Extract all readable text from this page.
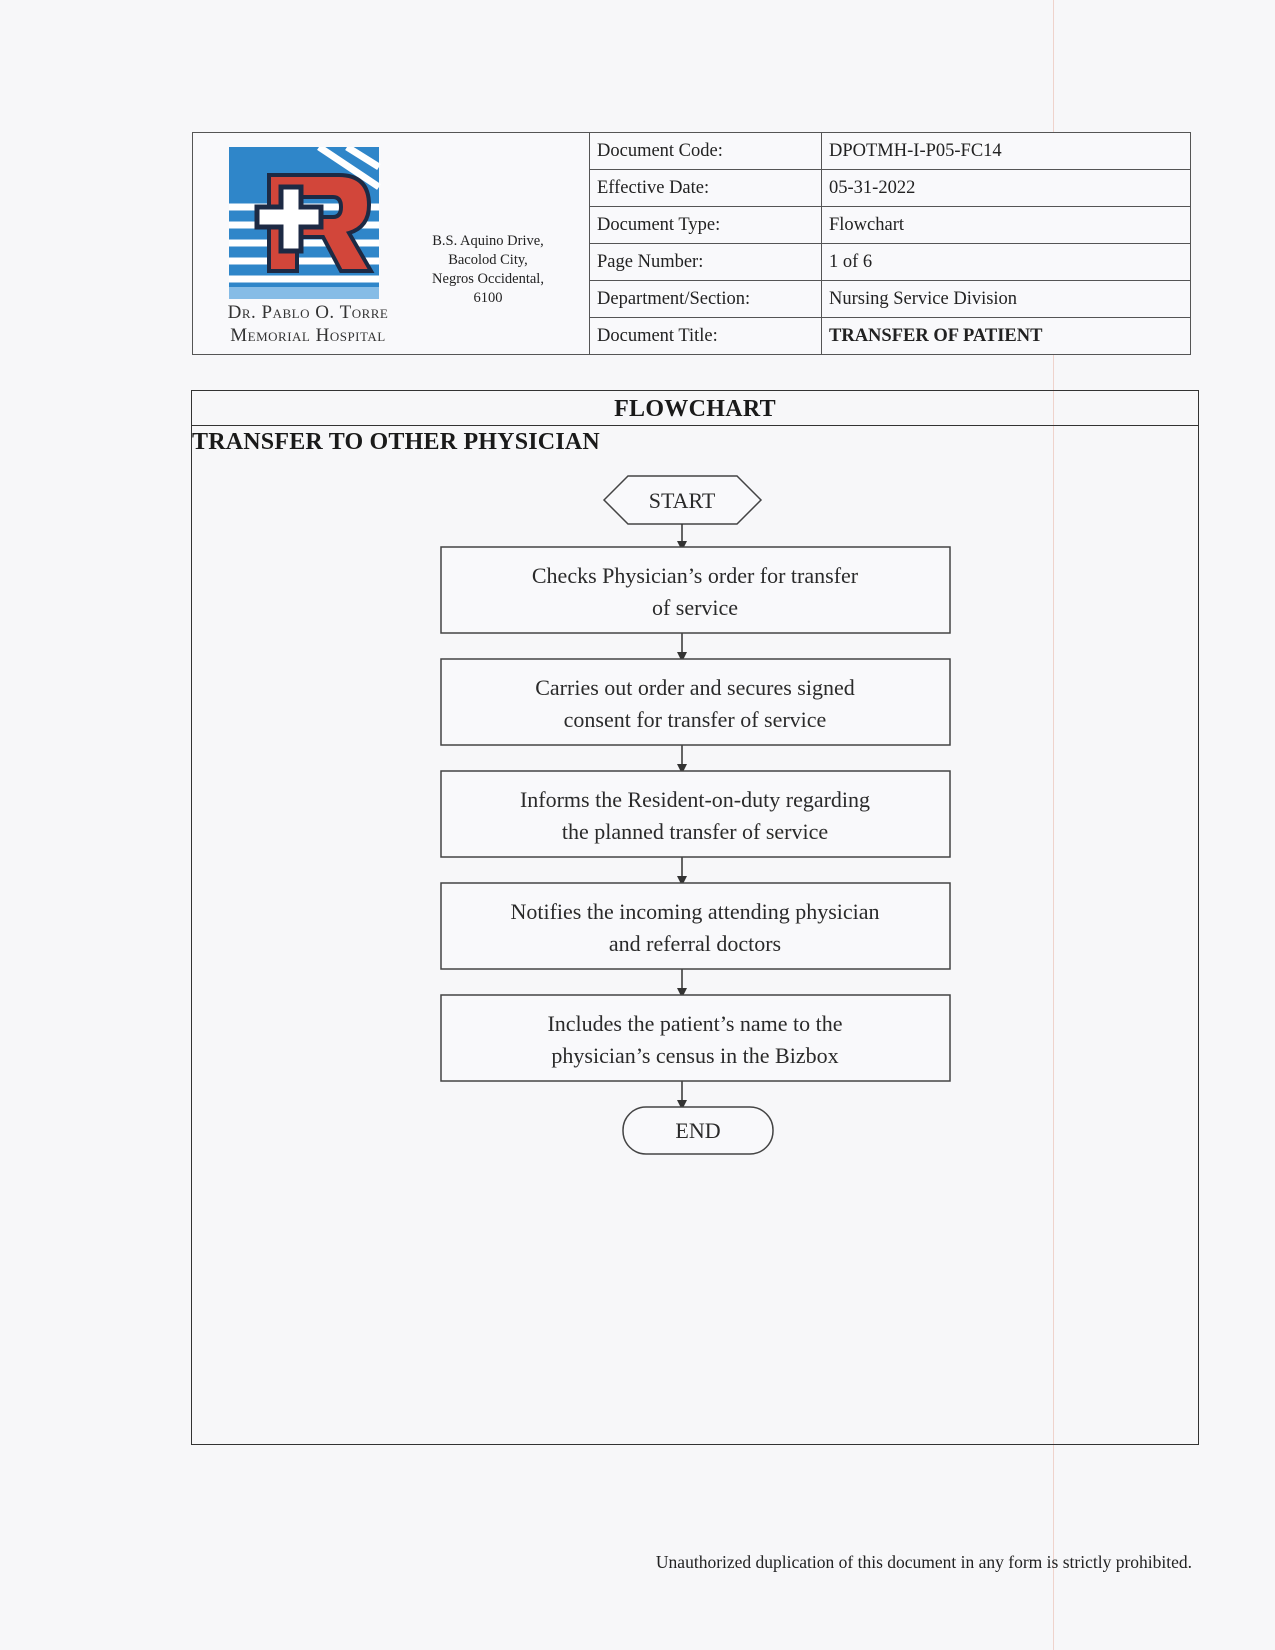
Dr. Pablo O. Torre
Memorial Hospital
B.S. Aquino Drive,
Bacolod City,
Negros Occidental,
6100
Document Code:	DPOTMH-I-P05-FC14
Effective Date:	05-31-2022
Document Type:	Flowchart
Page Number:	1 of 6
Department/Section:	Nursing Service Division
Document Title:	TRANSFER OF PATIENT
FLOWCHART
TRANSFER TO OTHER PHYSICIAN
START
Checks Physician’s order for transfer
of service
Carries out order and secures signed
consent for transfer of service
Informs the Resident-on-duty regarding
the planned transfer of service
Notifies the incoming attending physician
and referral doctors
Includes the patient’s name to the
physician’s census in the Bizbox
END
Unauthorized duplication of this document in any form is strictly prohibited.
